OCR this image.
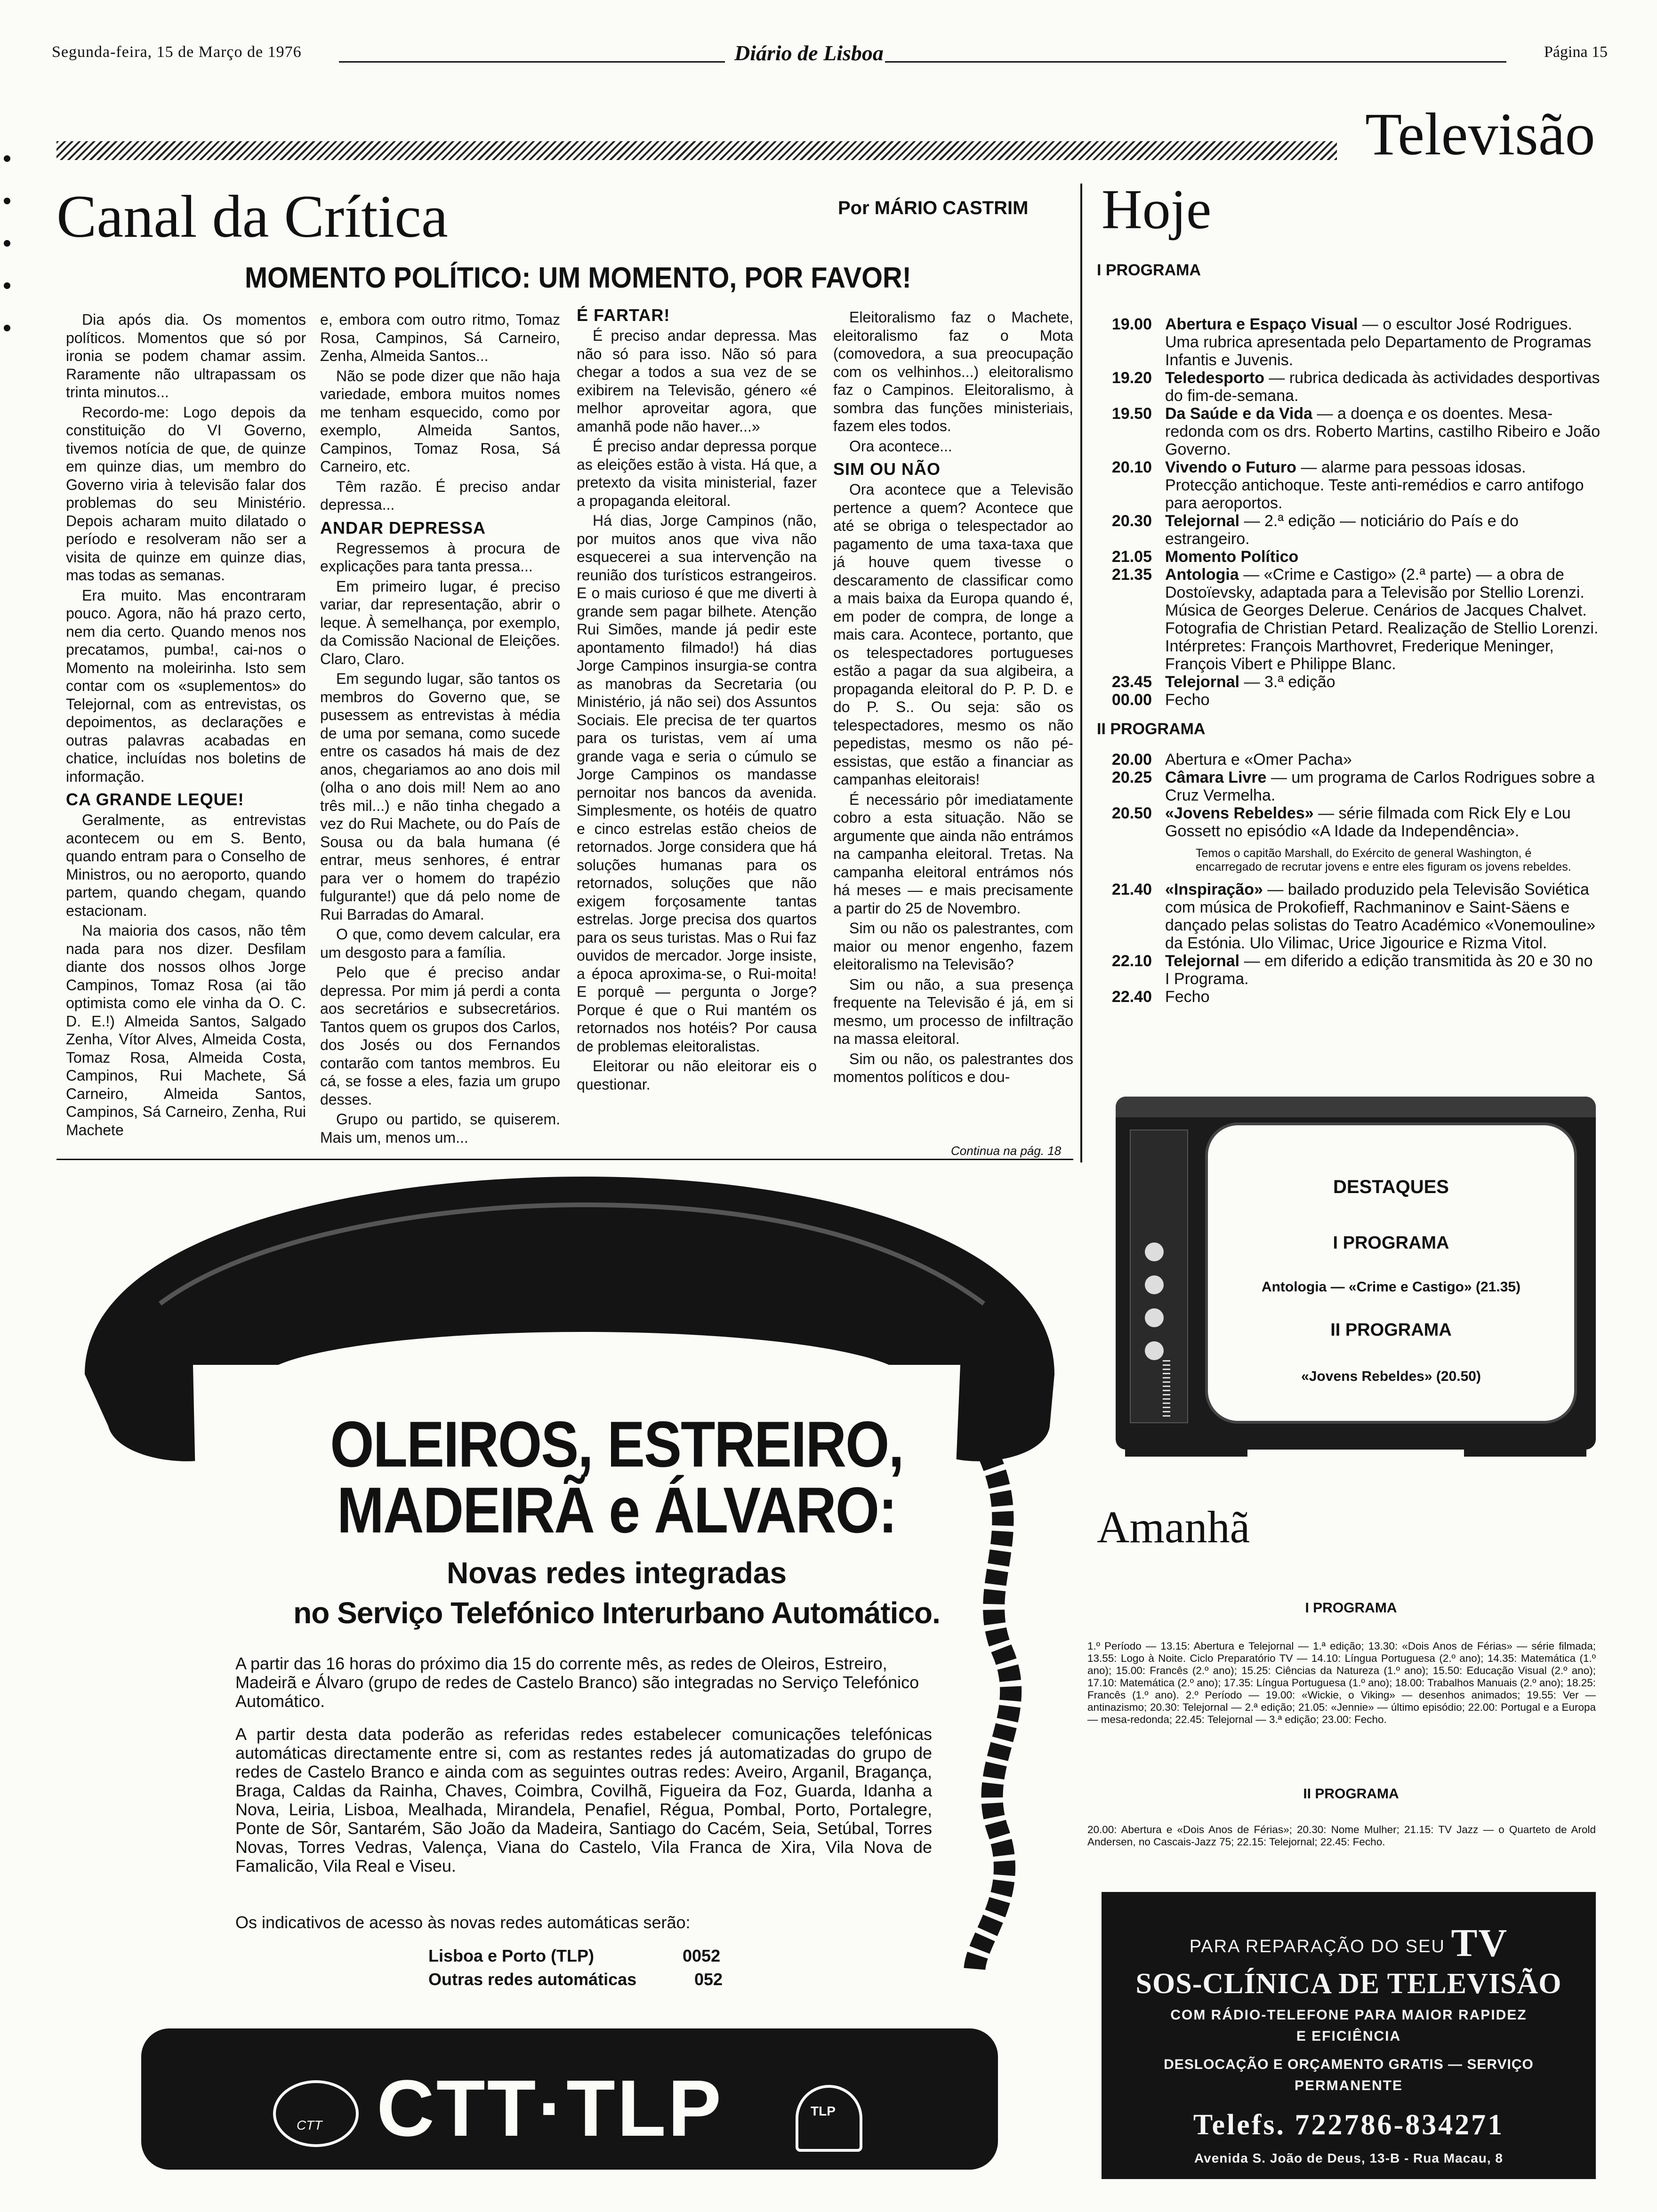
Segunda-feira, 15 de Março de 1976	Diário de Lisboa	Página 15
Televisão
Canal da Crítica	Por MÁRIO CASTRIM
MOMENTO POLÍTICO: UM MOMENTO, POR FAVOR!

Dia após dia. Os momentos políticos. Momentos que só por ironia se podem chamar assim. Raramente não ultrapassam os trinta minutos...

Recordo-me: Logo depois da constituição do VI Governo, tivemos notícia de que, de quinze em quinze dias, um membro do Governo viria à televisão falar dos problemas do seu Ministério. Depois acharam muito dilatado o período e resolveram não ser a visita de quinze em quinze dias, mas todas as semanas.

Era muito. Mas encontraram pouco. Agora, não há prazo certo, nem dia certo. Quando menos nos precatamos, pumba!, cai-nos o Momento na moleirinha. Isto sem contar com os «suplementos» do Telejornal, com as entrevistas, os depoimentos, as declarações e outras palavras acabadas en chatice, incluídas nos boletins de informação.

CA GRANDE LEQUE!

Geralmente, as entrevistas acontecem ou em S. Bento, quando entram para o Conselho de Ministros, ou no aeroporto, quando partem, quando chegam, quando estacionam.

Na maioria dos casos, não têm nada para nos dizer. Desfilam diante dos nossos olhos Jorge Campinos, Tomaz Rosa (ai tão optimista como ele vinha da O. C. D. E.!) Almeida Santos, Salgado Zenha, Vítor Alves, Almeida Costa, Tomaz Rosa, Almeida Costa, Campinos, Rui Machete, Sá Carneiro, Almeida Santos, Campinos, Sá Carneiro, Zenha, Rui Machete

e, embora com outro ritmo, Tomaz Rosa, Campinos, Sá Carneiro, Zenha, Almeida Santos...

Não se pode dizer que não haja variedade, embora muitos nomes me tenham esquecido, como por exemplo, Almeida Santos, Campinos, Tomaz Rosa, Sá Carneiro, etc.

Têm razão. É preciso andar depressa...

ANDAR DEPRESSA

Regressemos à procura de explicações para tanta pressa...

Em primeiro lugar, é preciso variar, dar representação, abrir o leque. À semelhança, por exemplo, da Comissão Nacional de Eleições. Claro, Claro.

Em segundo lugar, são tantos os membros do Governo que, se pusessem as entrevistas à média de uma por semana, como sucede entre os casados há mais de dez anos, chegariamos ao ano dois mil (olha o ano dois mil! Nem ao ano três mil...) e não tinha chegado a vez do Rui Machete, ou do País de Sousa ou da bala humana (é entrar, meus senhores, é entrar para ver o homem do trapézio fulgurante!) que dá pelo nome de Rui Barradas do Amaral.

O que, como devem calcular, era um desgosto para a família.

Pelo que é preciso andar depressa. Por mim já perdi a conta aos secretários e subsecretários. Tantos quem os grupos dos Carlos, dos Josés ou dos Fernandos contarão com tantos membros. Eu cá, se fosse a eles, fazia um grupo desses.

Grupo ou partido, se quiserem. Mais um, menos um...

É FARTAR!

É preciso andar depressa. Mas não só para isso. Não só para chegar a todos a sua vez de se exibirem na Televisão, género «é melhor aproveitar agora, que amanhã pode não haver...»

É preciso andar depressa porque as eleições estão à vista. Há que, a pretexto da visita ministerial, fazer a propaganda eleitoral.

Há dias, Jorge Campinos (não, por muitos anos que viva não esquecerei a sua intervenção na reunião dos turísticos estrangeiros. E o mais curioso é que me diverti à grande sem pagar bilhete. Atenção Rui Simões, mande já pedir este apontamento filmado!) há dias Jorge Campinos insurgia-se contra as manobras da Secretaria (ou Ministério, já não sei) dos Assuntos Sociais. Ele precisa de ter quartos para os turistas, vem aí uma grande vaga e seria o cúmulo se Jorge Campinos os mandasse pernoitar nos bancos da avenida. Simplesmente, os hotéis de quatro e cinco estrelas estão cheios de retornados. Jorge considera que há soluções humanas para os retornados, soluções que não exigem forçosamente tantas estrelas. Jorge precisa dos quartos para os seus turistas. Mas o Rui faz ouvidos de mercador. Jorge insiste, a época aproxima-se, o Rui-moita! E porquê — pergunta o Jorge? Porque é que o Rui mantém os retornados nos hotéis? Por causa de problemas eleitoralistas.

Eleitorar ou não eleitorar eis o questionar.

Eleitoralismo faz o Machete, eleitoralismo faz o Mota (comovedora, a sua preocupação com os velhinhos...) eleitoralismo faz o Campinos. Eleitoralismo, à sombra das funções ministeriais, fazem eles todos.

Ora acontece...

SIM OU NÃO

Ora acontece que a Televisão pertence a quem? Acontece que até se obriga o telespectador ao pagamento de uma taxa-taxa que já houve quem tivesse o descaramento de classificar como a mais baixa da Europa quando é, em poder de compra, de longe a mais cara. Acontece, portanto, que os telespectadores portugueses estão a pagar da sua algibeira, a propaganda eleitoral do P. P. D. e do P. S.. Ou seja: são os telespectadores, mesmo os não pepedistas, mesmo os não pé-essistas, que estão a financiar as campanhas eleitorais!

É necessário pôr imediatamente cobro a esta situação. Não se argumente que ainda não entrámos na campanha eleitoral. Tretas. Na campanha eleitoral entrámos nós há meses — e mais precisamente a partir do 25 de Novembro.

Sim ou não os palestrantes, com maior ou menor engenho, fazem eleitoralismo na Televisão?

Sim ou não, a sua presença frequente na Televisão é já, em si mesmo, um processo de infiltração na massa eleitoral.

Sim ou não, os palestrantes dos momentos políticos e dou-

Continua na pág. 18
Hoje
I PROGRAMA
19.00 Abertura e Espaço Visual — o escultor José Rodrigues. Uma rubrica apresentada pelo Departamento de Programas Infantis e Juvenis.
19.20 Teledesporto — rubrica dedicada às actividades desportivas do fim-de-semana.
19.50 Da Saúde e da Vida — a doença e os doentes. Mesa-redonda com os drs. Roberto Martins, castilho Ribeiro e João Governo.
20.10 Vivendo o Futuro — alarme para pessoas idosas. Protecção antichoque. Teste anti-remédios e carro antifogo para aeroportos.
20.30 Telejornal — 2.ª edição — noticiário do País e do estrangeiro.
21.05 Momento Político
21.35 Antologia — «Crime e Castigo» (2.ª parte) — a obra de Dostoïevsky, adaptada para a Televisão por Stellio Lorenzi. Música de Georges Delerue. Cenários de Jacques Chalvet. Fotografia de Christian Petard. Realização de Stellio Lorenzi. Intérpretes: François Marthovret, Frederique Meninger, François Vibert e Philippe Blanc.
23.45 Telejornal — 3.ª edição
00.00 Fecho
II PROGRAMA
20.00 Abertura e «Omer Pacha»
20.25 Câmara Livre — um programa de Carlos Rodrigues sobre a Cruz Vermelha.
20.50 «Jovens Rebeldes» — série filmada com Rick Ely e Lou Gossett no episódio «A Idade da Independência».
Temos o capitão Marshall, do Exército de general Washington, é encarregado de recrutar jovens e entre eles figuram os jovens rebeldes.
21.40 «Inspiração» — bailado produzido pela Televisão Soviética com música de Prokofieff, Rachmaninov e Saint-Säens e dançado pelas solistas do Teatro Académico «Vonemouline» da Estónia. Ulo Vilimac, Urice Jigourice e Rizma Vitol.
22.10 Telejornal — em diferido a edição transmitida às 20 e 30 no I Programa.
22.40 Fecho
DESTAQUES
I PROGRAMA
Antologia — «Crime e Castigo» (21.35)
II PROGRAMA
«Jovens Rebeldes» (20.50)
Amanhã
I PROGRAMA
1.º Período — 13.15: Abertura e Telejornal — 1.ª edição; 13.30: «Dois Anos de Férias» — série filmada; 13.55: Logo à Noite. Ciclo Preparatório TV — 14.10: Língua Portuguesa (2.º ano); 14.35: Matemática (1.º ano); 15.00: Francês (2.º ano); 15.25: Ciências da Natureza (1.º ano); 15.50: Educação Visual (2.º ano); 17.10: Matemática (2.º ano); 17.35: Língua Portuguesa (1.º ano); 18.00: Trabalhos Manuais (2.º ano); 18.25: Francês (1.º ano). 2.º Período — 19.00: «Wickie, o Viking» — desenhos animados; 19.55: Ver — antinazismo; 20.30: Telejornal — 2.ª edição; 21.05: «Jennie» — último episódio; 22.00: Portugal e a Europa — mesa-redonda; 22.45: Telejornal — 3.ª edição; 23.00: Fecho.
II PROGRAMA
20.00: Abertura e «Dois Anos de Férias»; 20.30: Nome Mulher; 21.15: TV Jazz — o Quarteto de Arold Andersen, no Cascais-Jazz 75; 22.15: Telejornal; 22.45: Fecho.
PARA REPARAÇÃO DO SEU TV
SOS-CLÍNICA DE TELEVISÃO
COM RÁDIO-TELEFONE PARA MAIOR RAPIDEZ
E EFICIÊNCIA
DESLOCAÇÃO E ORÇAMENTO GRATIS — SERVIÇO
PERMANENTE
Telefs. 722786-834271
Avenida S. João de Deus, 13-B - Rua Macau, 8
OLEIROS, ESTREIRO,
MADEIRÃ e ÁLVARO:
Novas redes integradas
no Serviço Telefónico Interurbano Automático.
A partir das 16 horas do próximo dia 15 do corrente mês, as redes de Oleiros, Estreiro, Madeirã e Álvaro (grupo de redes de Castelo Branco) são integradas no Serviço Telefónico Automático.
A partir desta data poderão as referidas redes estabelecer comunicações telefónicas automáticas directamente entre si, com as restantes redes já automatizadas do grupo de redes de Castelo Branco e ainda com as seguintes outras redes: Aveiro, Arganil, Bragança, Braga, Caldas da Rainha, Chaves, Coimbra, Covilhã, Figueira da Foz, Guarda, Idanha a Nova, Leiria, Lisboa, Mealhada, Mirandela, Penafiel, Régua, Pombal, Porto, Portalegre, Ponte de Sôr, Santarém, São João da Madeira, Santiago do Cacém, Seia, Setúbal, Torres Novas, Torres Vedras, Valença, Viana do Castelo, Vila Franca de Xira, Vila Nova de Famalicão, Vila Real e Viseu.
Os indicativos de acesso às novas redes automáticas serão:
Lisboa e Porto (TLP)	0052
Outras redes automáticas	052
CTT CTT·TLP	TLP
